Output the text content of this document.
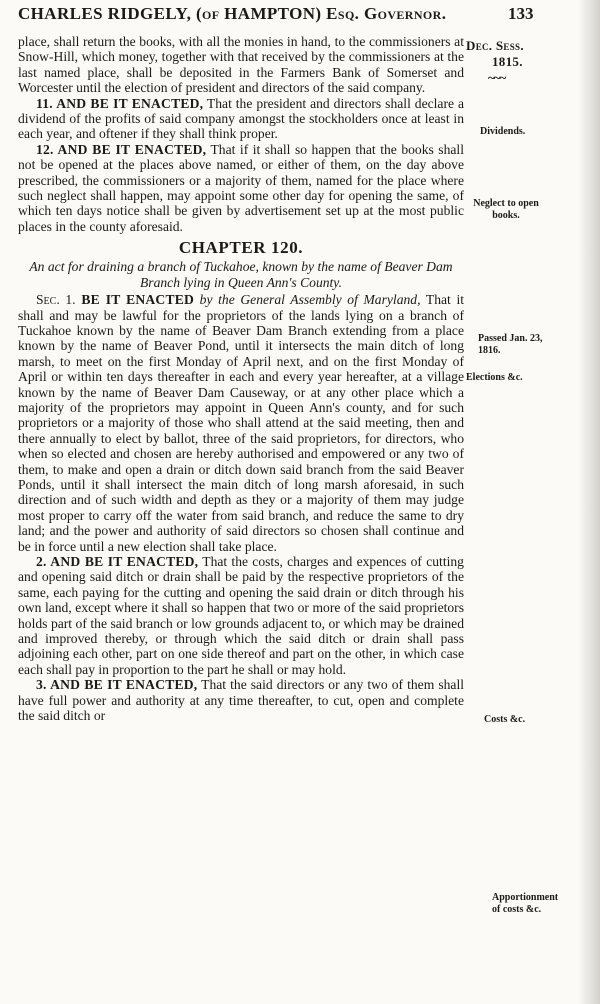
CHARLES RIDGELY, (of HAMPTON) Esq. Governor.	133
Dec. Sess.
1815.
~~~
Dividends.
Neglect to open books.
Passed Jan. 23, 1816.
Elections &c.
Costs &c.
Apportionment of costs &c.

place, shall return the books, with all the monies in hand, to the commissioners at Snow-Hill, which money, together with that received by the commissioners at the last named place, shall be deposited in the Farmers Bank of Somerset and Worcester until the election of president and directors of the said company.

11. AND BE IT ENACTED, That the president and directors shall declare a dividend of the profits of said company amongst the stockholders once at least in each year, and oftener if they shall think proper.

12. AND BE IT ENACTED, That if it shall so happen that the books shall not be opened at the places above named, or either of them, on the day above prescribed, the commissioners or a majority of them, named for the place where such neglect shall happen, may appoint some other day for opening the same, of which ten days notice shall be given by advertisement set up at the most public places in the county aforesaid.

CHAPTER 120.
An act for draining a branch of Tuckahoe, known by the name of Beaver Dam Branch lying in Queen Ann's County.

Sec. 1. BE IT ENACTED by the General Assembly of Maryland, That it shall and may be lawful for the proprietors of the lands lying on a branch of Tuckahoe known by the name of Beaver Dam Branch extending from a place known by the name of Beaver Pond, until it intersects the main ditch of long marsh, to meet on the first Monday of April next, and on the first Monday of April or within ten days thereafter in each and every year hereafter, at a village known by the name of Beaver Dam Causeway, or at any other place which a majority of the proprietors may appoint in Queen Ann's county, and for such proprietors or a majority of those who shall attend at the said meeting, then and there annually to elect by ballot, three of the said proprietors, for directors, who when so elected and chosen are hereby authorised and empowered or any two of them, to make and open a drain or ditch down said branch from the said Beaver Ponds, until it shall intersect the main ditch of long marsh aforesaid, in such direction and of such width and depth as they or a majority of them may judge most proper to carry off the water from said branch, and reduce the same to dry land; and the power and authority of said directors so chosen shall continue and be in force until a new election shall take place.

2. AND BE IT ENACTED, That the costs, charges and expences of cutting and opening said ditch or drain shall be paid by the respective proprietors of the same, each paying for the cutting and opening the said drain or ditch through his own land, except where it shall so happen that two or more of the said proprietors holds part of the said branch or low grounds adjacent to, or which may be drained and improved thereby, or through which the said ditch or drain shall pass adjoining each other, part on one side thereof and part on the other, in which case each shall pay in proportion to the part he shall or may hold.

3. AND BE IT ENACTED, That the said directors or any two of them shall have full power and authority at any time thereafter, to cut, open and complete the said ditch or
